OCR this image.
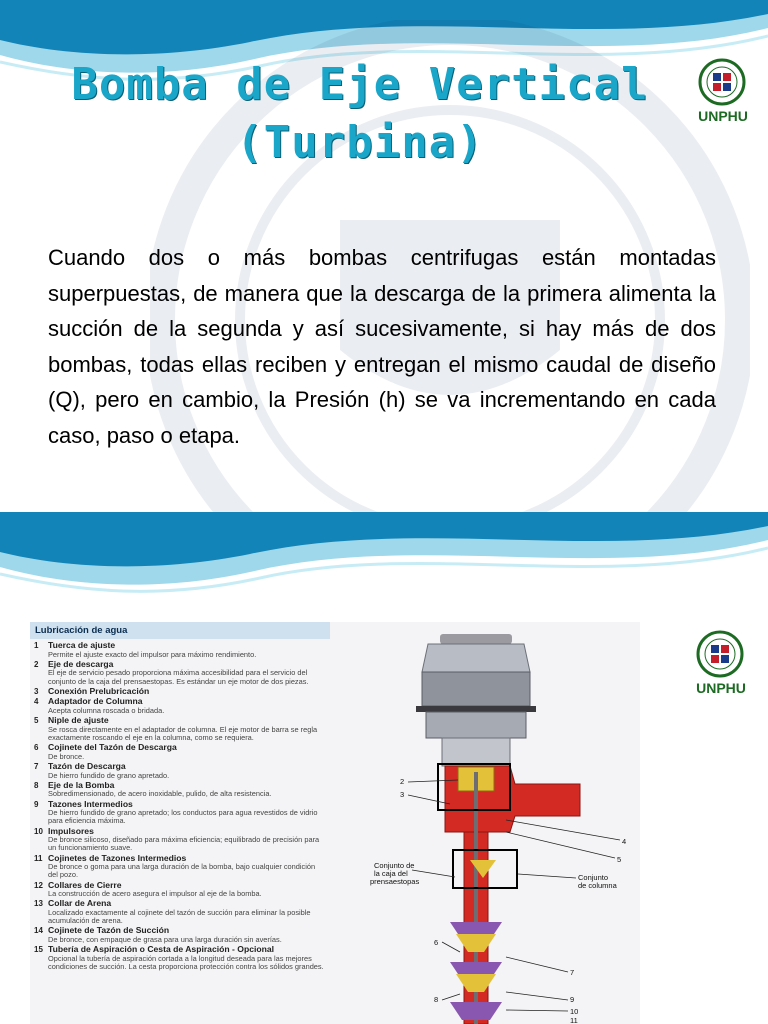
Bomba de Eje Vertical (Turbina)
UNPHU

Cuando dos o más bombas centrifugas están montadas superpuestas, de manera que la descarga de la primera alimenta la succión de la segunda y así sucesivamente, si hay más de dos bombas, todas ellas reciben y entregan el mismo caudal de diseño (Q), pero en cambio, la Presión (h) se va incrementando en cada caso, paso o etapa.

UNPHU
Lubricación de agua
1 Tuerca de ajuste
Permite el ajuste exacto del impulsor para máximo rendimiento.
2 Eje de descarga
El eje de servicio pesado proporciona máxima accesibilidad para el servicio del conjunto de la caja del prensaestopas. Es estándar un eje motor de dos piezas.
3 Conexión Prelubricación
4 Adaptador de Columna
Acepta columna roscada o bridada.
5 Niple de ajuste
Se rosca directamente en el adaptador de columna. El eje motor de barra se regla exactamente roscando el eje en la columna, como se requiera.
6 Cojinete del Tazón de Descarga
De bronce.
7 Tazón de Descarga
De hierro fundido de grano apretado.
8 Eje de la Bomba
Sobredimensionado, de acero inoxidable, pulido, de alta resistencia.
9 Tazones Intermedios
De hierro fundido de grano apretado; los conductos para agua revestidos de vidrio para eficiencia máxima.
10 Impulsores
De bronce silicoso, diseñado para máxima eficiencia; equilibrado de precisión para un funcionamiento suave.
11 Cojinetes de Tazones Intermedios
De bronce o goma para una larga duración de la bomba, bajo cualquier condición del pozo.
12 Collares de Cierre
La construcción de acero asegura el impulsor al eje de la bomba.
13 Collar de Arena
Localizado exactamente al cojinete del tazón de succión para eliminar la posible acumulación de arena.
14 Cojinete de Tazón de Succión
De bronce, con empaque de grasa para una larga duración sin averías.
15 Tubería de Aspiración o Cesta de Aspiración - Opcional
Opcional la tubería de aspiración cortada a la longitud deseada para las mejores condiciones de succión. La cesta proporciona protección contra los sólidos grandes.
2
3
4
5
6
7
8	9
10
11
Conjunto de
la caja del
prensaestopas	Conjunto
de columna
